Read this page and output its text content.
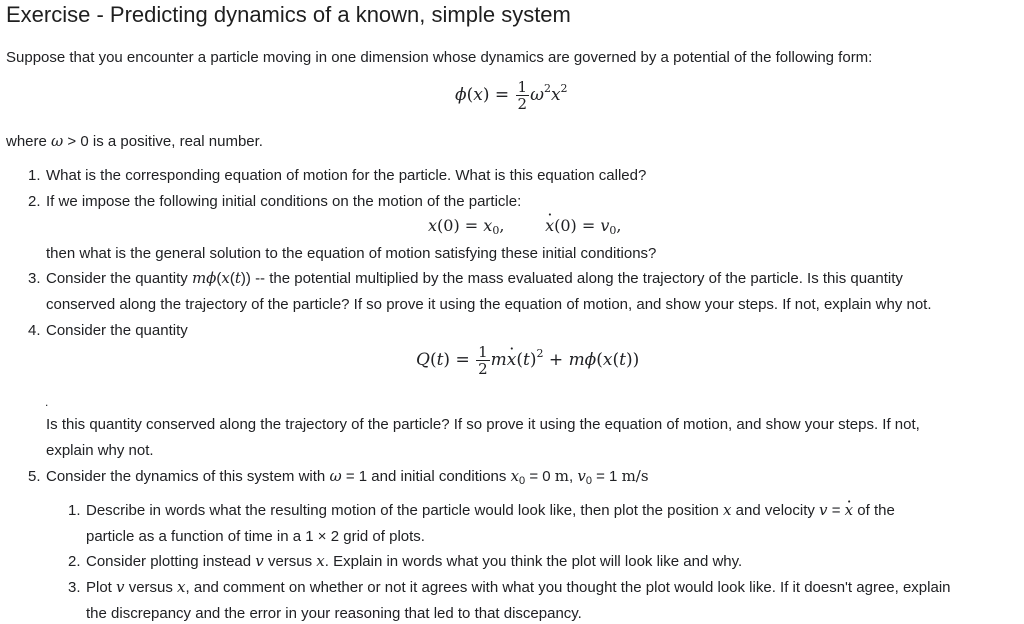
Exercise - Predicting dynamics of a known, simple system
Suppose that you encounter a particle moving in one dimension whose dynamics are governed by a potential of the following form:
$\phi(x) = \frac{1}{2} \omega^2x^2$
where ω > 0 is a positive, real number.
1. What is the corresponding equation of motion for the particle. What is this equation called?
2. If we impose the following initial conditions on the motion of the particle:
$x(0) = x_0$,        $x \cdot(0) = v_0$,
then what is the general solution to the equation of motion satisfying these initial conditions?
3. Consider the quantity mϕ(x(t)) -- the potential multiplied by the mass evaluated along the trajectory of the particle. Is this quantity
conserved along the trajectory of the particle? If so prove it using the equation of motion, and show your steps. If not, explain why not.
4. Consider the quantity
$Q(t) = \frac{1}{2}$ mx $\cdot(t)^2 + m\phi(x(t))$
.
Is this quantity conserved along the trajectory of the particle? If so prove it using the equation of motion, and show your steps. If not,
explain why not.
5. Consider the dynamics of this system with ω = 1 and initial conditions $x_0 = 0$ m, $v_0 = 1$ m/s
1. Describe in words what the resulting motion of the particle would look like, then plot the position x and velocity v = x · of the
particle as a function of time in a 1 × 2 grid of plots.
2. Consider plotting instead v versus x. Explain in words what you think the plot will look like and why.
3. Plot v versus x, and comment on whether or not it agrees with what you thought the plot would look like. If it doesn't agree, explain
the discrepancy and the error in your reasoning that led to that discepancy.
